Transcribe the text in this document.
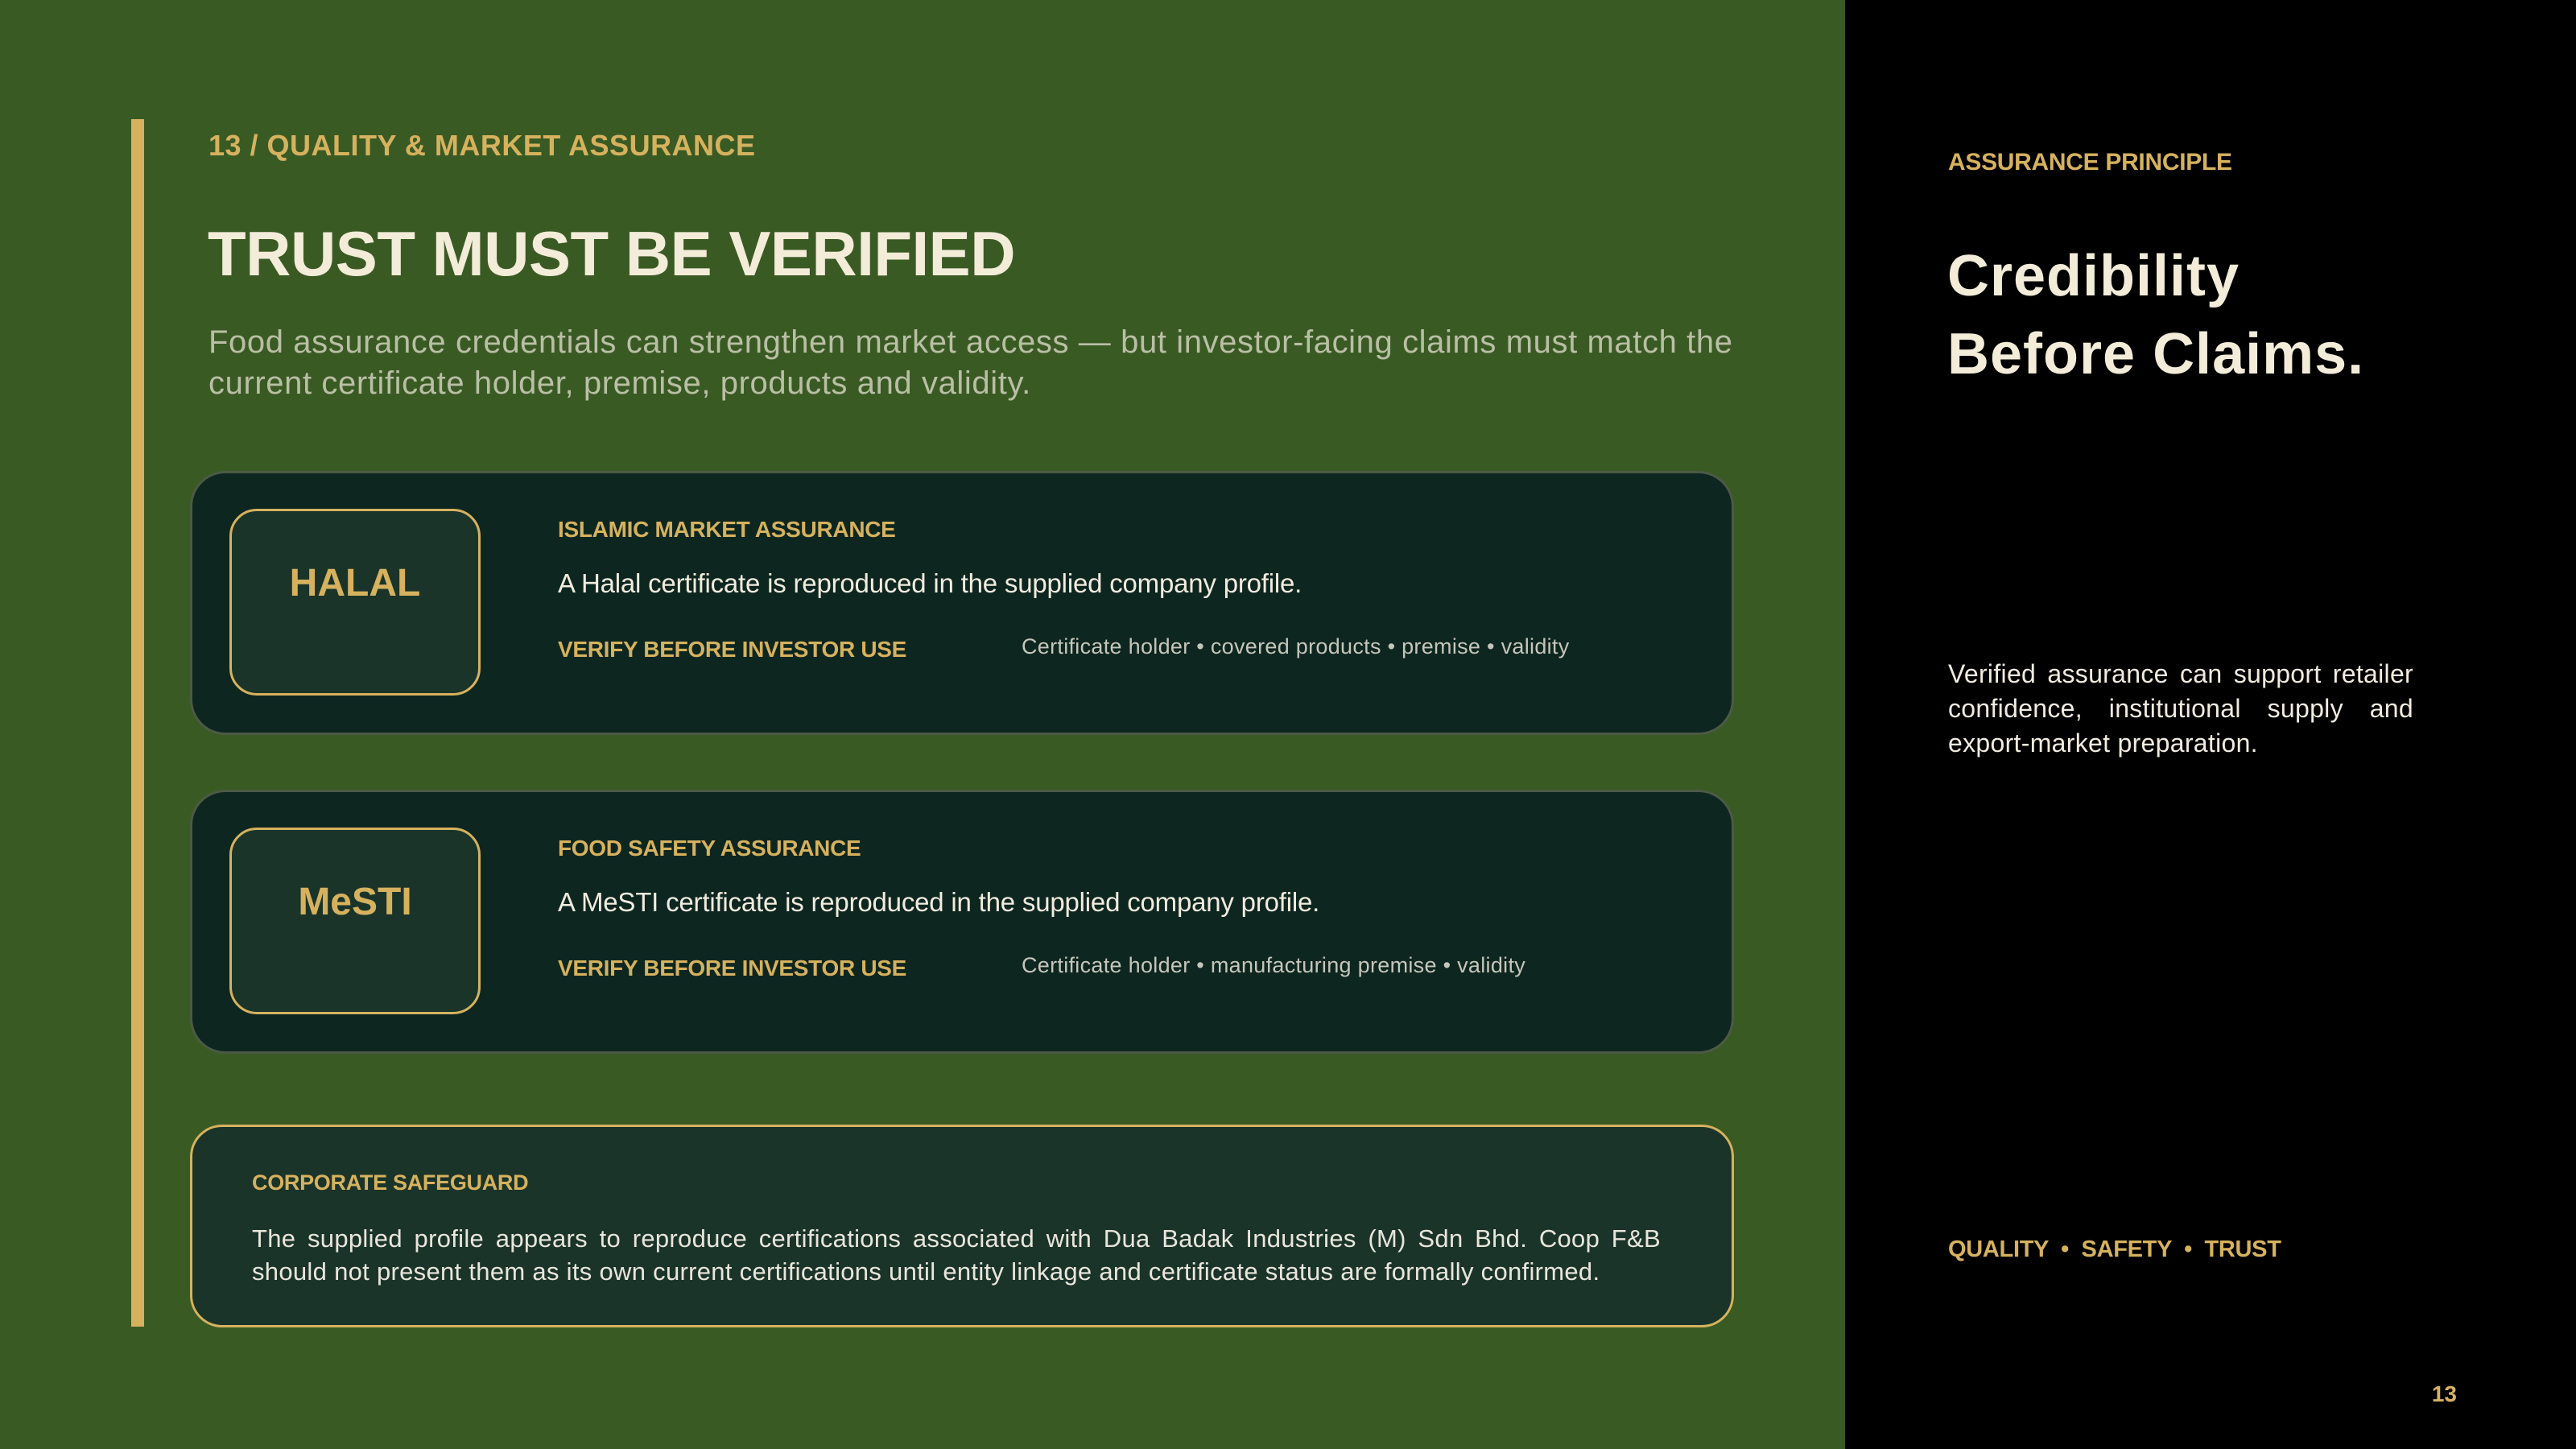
13 / QUALITY & MARKET ASSURANCE
TRUST MUST BE VERIFIED
Food assurance credentials can strengthen market access — but investor-facing claims must match the current certificate holder, premise, products and validity.
HALAL
ISLAMIC MARKET ASSURANCE
A Halal certificate is reproduced in the supplied company profile.
VERIFY BEFORE INVESTOR USE	Certificate holder • covered products • premise • validity
MeSTI
FOOD SAFETY ASSURANCE
A MeSTI certificate is reproduced in the supplied company profile.
VERIFY BEFORE INVESTOR USE	Certificate holder • manufacturing premise • validity
CORPORATE SAFEGUARD
The supplied profile appears to reproduce certifications associated with Dua Badak Industries (M) Sdn Bhd. Coop F&B should not present them as its own current certifications until entity linkage and certificate status are formally confirmed.
ASSURANCE PRINCIPLE
Credibility Before Claims.
Verified assurance can support retailer confidence, institutional supply and export-market preparation.
QUALITY  •  SAFETY  •  TRUST
13
